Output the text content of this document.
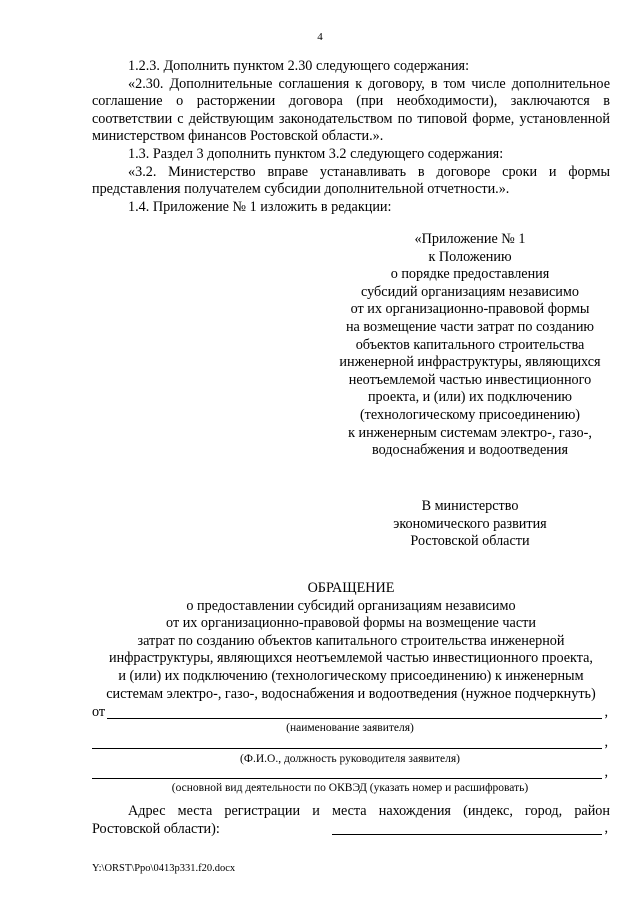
4

1.2.3. Дополнить пунктом 2.30 следующего содержания:

«2.30. Дополнительные соглашения к договору, в том числе дополнительное соглашение о расторжении договора (при необходимости), заключаются в соответствии с действующим законодательством по типовой форме, установленной министерством финансов Ростовской области.».

1.3. Раздел 3 дополнить пунктом 3.2 следующего содержания:

«3.2. Министерство вправе устанавливать в договоре сроки и формы представления получателем субсидии дополнительной отчетности.».

1.4. Приложение № 1 изложить в редакции:

«Приложение № 1
к Положению
о порядке предоставления
субсидий организациям независимо
от их организационно-правовой формы
на возмещение части затрат по созданию
объектов капитального строительства
инженерной инфраструктуры, являющихся
неотъемлемой частью инвестиционного
проекта, и (или) их подключению
(технологическому присоединению)
к инженерным системам электро-, газо-,
водоснабжения и водоотведения
В министерство
экономического развития
Ростовской области
ОБРАЩЕНИЕ
о предоставлении субсидий организациям независимо
от их организационно-правовой формы на возмещение части
затрат по созданию объектов капитального строительства инженерной
инфраструктуры, являющихся неотъемлемой частью инвестиционного проекта,
и (или) их подключению (технологическому присоединению) к инженерным
системам электро-, газо-, водоснабжения и водоотведения (нужное подчеркнуть)
от	,
(наименование заявителя)
,
(Ф.И.О., должность руководителя заявителя)
,
(основной вид деятельности по ОКВЭД (указать номер и расшифровать)

Адрес места регистрации и места нахождения (индекс, город, район Ростовской области):	,
Y:\ORST\Ppo\0413p331.f20.docx
